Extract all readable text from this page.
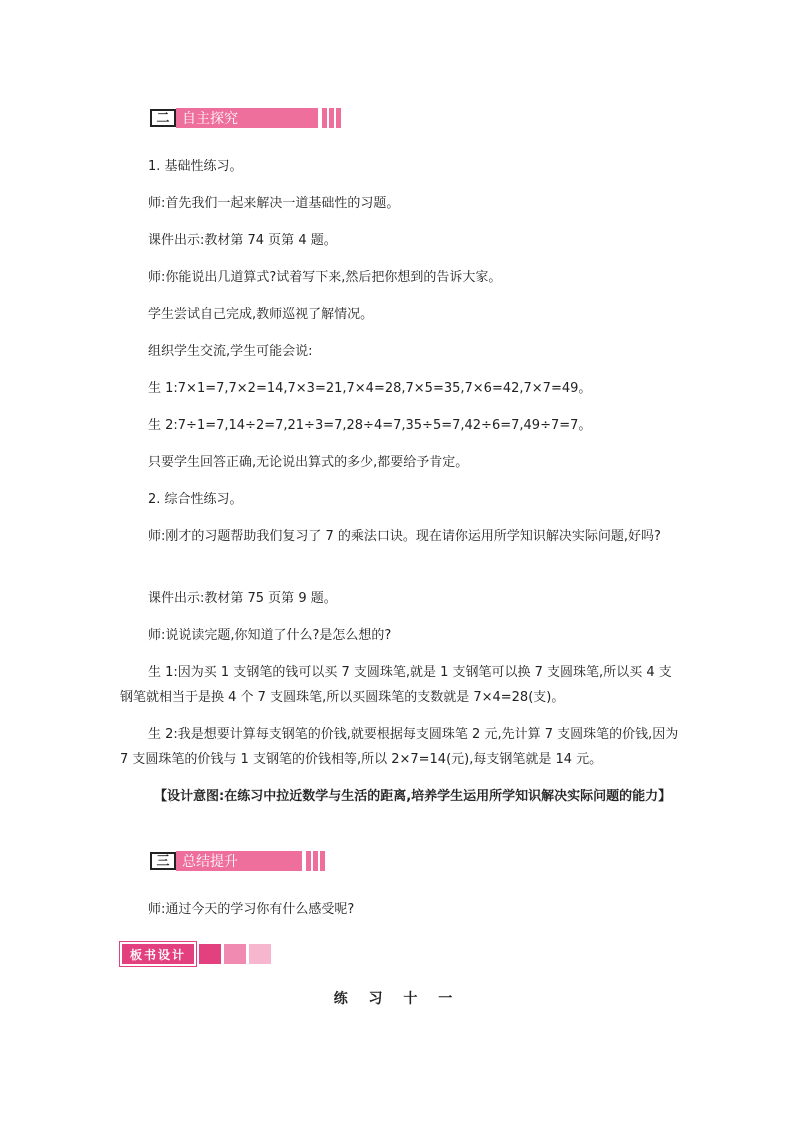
二 自主探究

1. 基础性练习。

师:首先我们一起来解决一道基础性的习题。

课件出示:教材第 74 页第 4 题。

师:你能说出几道算式?试着写下来,然后把你想到的告诉大家。

学生尝试自己完成,教师巡视了解情况。

组织学生交流,学生可能会说:

生 1:7×1=7,7×2=14,7×3=21,7×4=28,7×5=35,7×6=42,7×7=49。

生 2:7÷1=7,14÷2=7,21÷3=7,28÷4=7,35÷5=7,42÷6=7,49÷7=7。

只要学生回答正确,无论说出算式的多少,都要给予肯定。

2. 综合性练习。

师:刚才的习题帮助我们复习了 7 的乘法口诀。现在请你运用所学知识解决实际问题,好吗?

课件出示:教材第 75 页第 9 题。

师:说说读完题,你知道了什么?是怎么想的?

生 1:因为买 1 支钢笔的钱可以买 7 支圆珠笔,就是 1 支钢笔可以换 7 支圆珠笔,所以买 4 支钢笔就相当于是换 4 个 7 支圆珠笔,所以买圆珠笔的支数就是 7×4=28(支)。

生 2:我是想要计算每支钢笔的价钱,就要根据每支圆珠笔 2 元,先计算 7 支圆珠笔的价钱,因为 7 支圆珠笔的价钱与 1 支钢笔的价钱相等,所以 2×7=14(元),每支钢笔就是 14 元。

【设计意图:在练习中拉近数学与生活的距离,培养学生运用所学知识解决实际问题的能力】

三 总结提升

师:通过今天的学习你有什么感受呢?

板书设计
练 习 十 一
